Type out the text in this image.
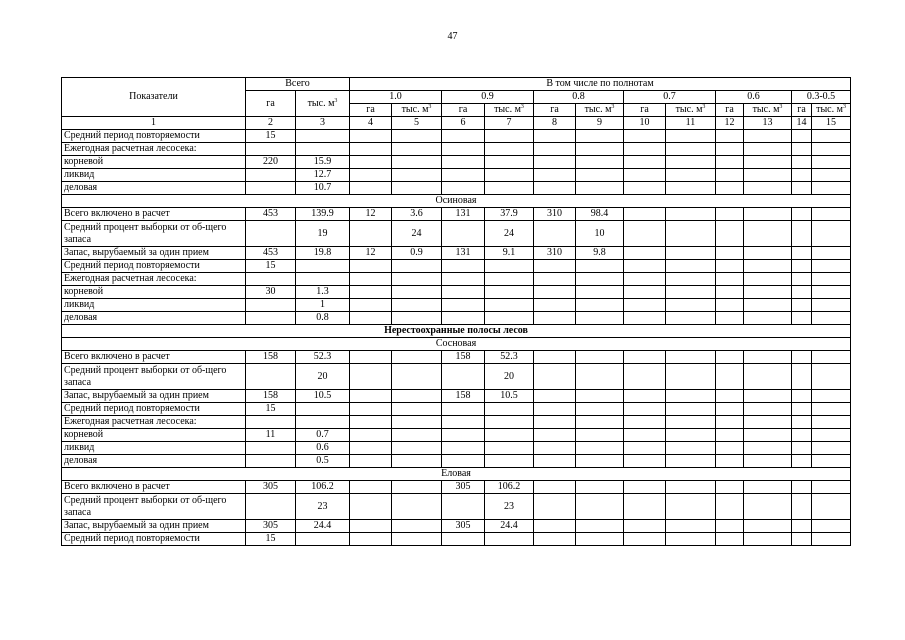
47
Показатели	Всего		В том числе по полнотам											
	га	тыс. $м^3$	1.0		0.9		0.8		0.7		0.6		0.3-0.5	
			га	тыс. $м^3$	га	тыс. $м^3$	га	тыс. $м^3$	га	тыс. $м^3$	га	тыс. $м^3$	га	тыс. $м^3$
1	2	3	4	5	6	7	8	9	10	11	12	13	14	15
Средний период повторяемости	15													
Ежегодная расчетная лесосека:														
корневой	220	15.9												
ликвид		12.7												
деловая		10.7												
Осиновая														
Всего включено в расчет	453	139.9	12	3.6	131	37.9	310	98.4						
Средний процент выборки от об-щего запаса		19		24		24		10						
Запас, вырубаемый за один прием	453	19.8	12	0.9	131	9.1	310	9.8						
Средний период повторяемости	15													
Ежегодная расчетная лесосека:														
корневой	30	1.3												
ликвид		1												
деловая		0.8												
Нерестоохранные полосы лесов														
Сосновая														
Всего включено в расчет	158	52.3			158	52.3								
Средний процент выборки от об-щего запаса		20				20								
Запас, вырубаемый за один прием	158	10.5			158	10.5								
Средний период повторяемости	15													
Ежегодная расчетная лесосека:														
корневой	11	0.7												
ликвид		0.6												
деловая		0.5												
Еловая														
Всего включено в расчет	305	106.2			305	106.2								
Средний процент выборки от об-щего запаса		23				23								
Запас, вырубаемый за один прием	305	24.4			305	24.4								
Средний период повторяемости	15													
